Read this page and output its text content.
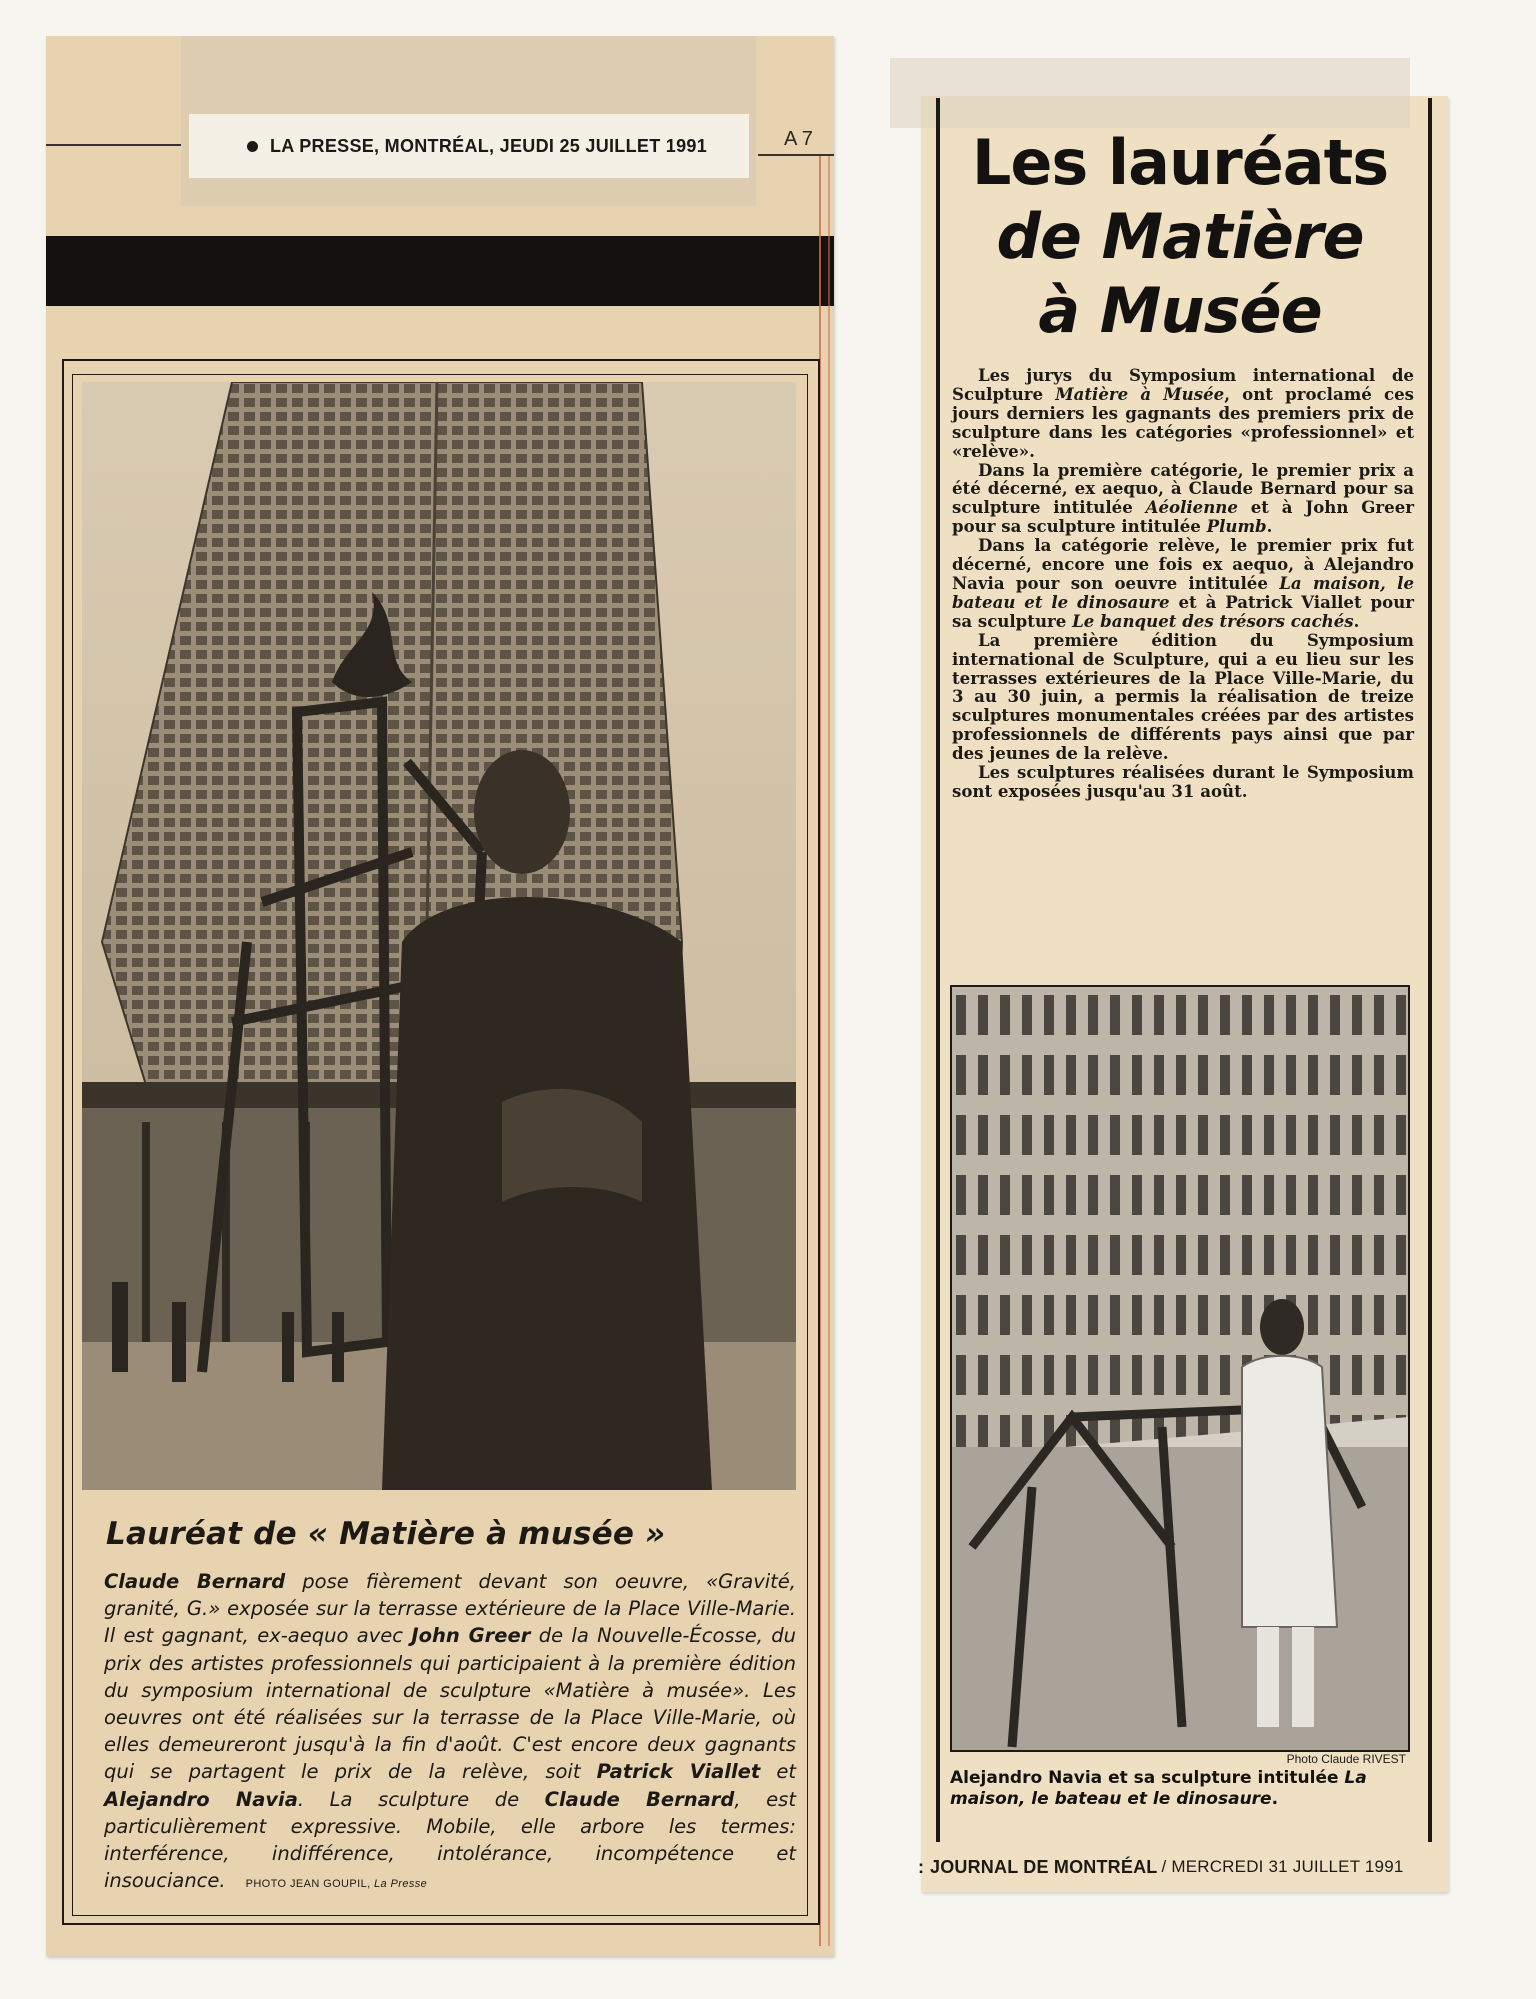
LA PRESSE, MONTRÉAL, JEUDI 25 JUILLET 1991	A 7
Lauréat de « Matière à musée »
Claude Bernard pose fièrement devant son oeuvre, «Gravité, granité, G.» exposée sur la terrasse extérieure de la Place Ville-Marie. Il est gagnant, ex-aequo avec John Greer de la Nouvelle-Écosse, du prix des artistes professionnels qui participaient à la première édition du symposium international de sculpture «Matière à musée». Les oeuvres ont été réalisées sur la terrasse de la Place Ville-Marie, où elles demeureront jusqu'à la fin d'août. C'est encore deux gagnants qui se partagent le prix de la relève, soit Patrick Viallet et Alejandro Navia. La sculpture de Claude Bernard, est particulièrement expressive. Mobile, elle arbore les termes: interférence, indifférence, intolérance, incompétence et insouciance. PHOTO JEAN GOUPIL, La Presse
Les lauréats
de Matière
à Musée

Les jurys du Symposium international de Sculpture Matière à Musée, ont proclamé ces jours derniers les gagnants des premiers prix de sculpture dans les catégories «professionnel» et «relève».

Dans la première catégorie, le premier prix a été décerné, ex aequo, à Claude Bernard pour sa sculpture intitulée Aéolienne et à John Greer pour sa sculpture intitulée Plumb.

Dans la catégorie relève, le premier prix fut décerné, encore une fois ex aequo, à Alejandro Navia pour son oeuvre intitulée La maison, le bateau et le dinosaure et à Patrick Viallet pour sa sculpture Le banquet des trésors cachés.

La première édition du Symposium international de Sculpture, qui a eu lieu sur les terrasses extérieures de la Place Ville-Marie, du 3 au 30 juin, a permis la réalisation de treize sculptures monumentales créées par des artistes professionnels de différents pays ainsi que par des jeunes de la relève.

Les sculptures réalisées durant le Symposium sont exposées jusqu'au 31 août.

Photo Claude RIVEST
Alejandro Navia et sa sculpture intitulée La maison, le bateau et le dinosaure.
: JOURNAL DE MONTRÉAL / MERCREDI 31 JUILLET 1991
